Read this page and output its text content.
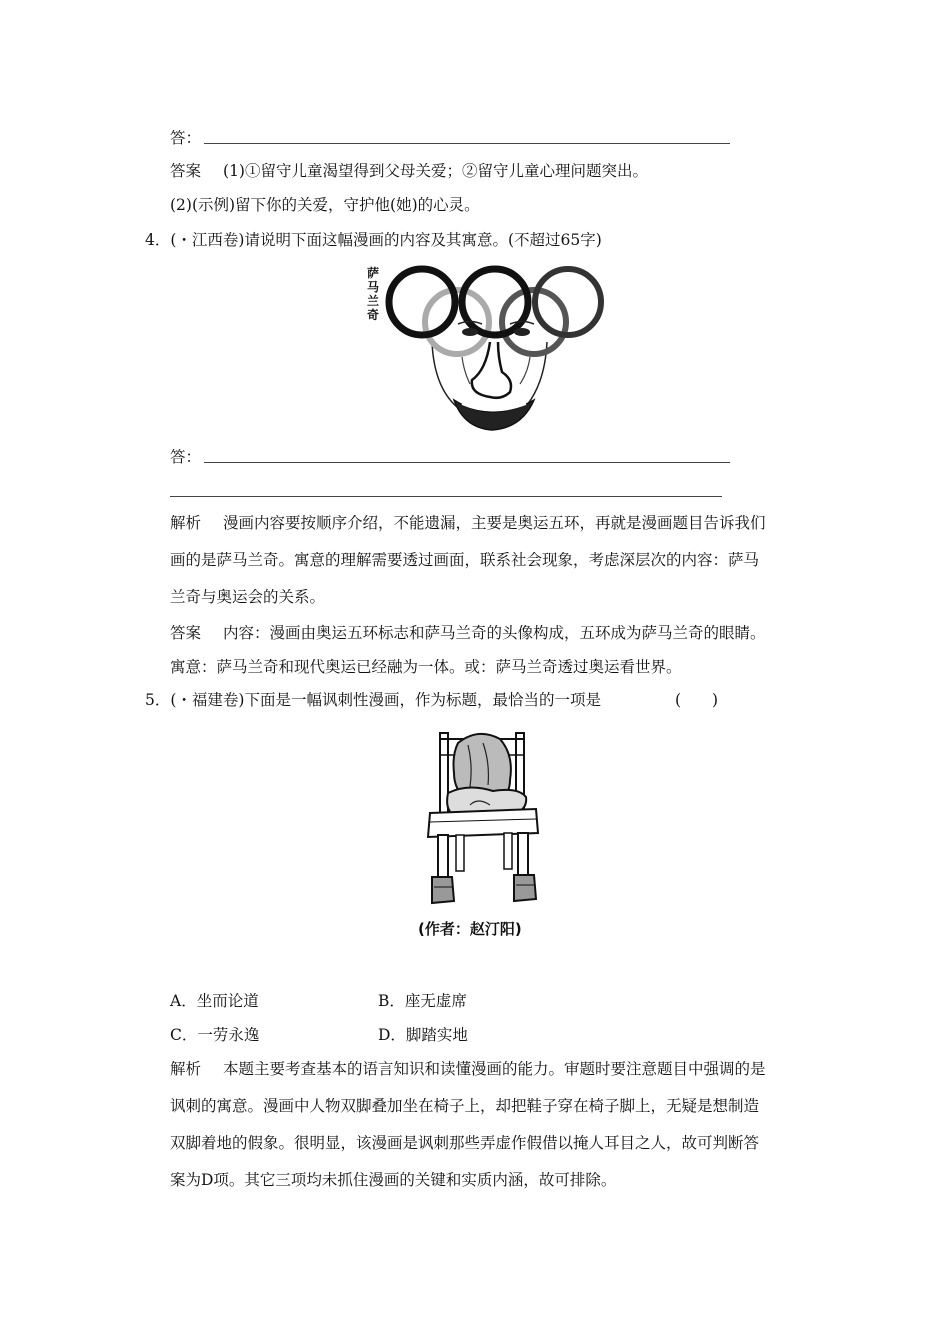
答：
答案 (1)①留守儿童渴望得到父母关爱；②留守儿童心理问题突出。
(2)(示例)留下你的关爱，守护他(她)的心灵。
4．(・江西卷)请说明下面这幅漫画的内容及其寓意。(不超过65字)
萨
马
兰
奇
答：
解析 漫画内容要按顺序介绍，不能遗漏，主要是奥运五环，再就是漫画题目告诉我们
画的是萨马兰奇。寓意的理解需要透过画面，联系社会现象，考虑深层次的内容：萨马
兰奇与奥运会的关系。
答案 内容：漫画由奥运五环标志和萨马兰奇的头像构成，五环成为萨马兰奇的眼睛。
寓意：萨马兰奇和现代奥运已经融为一体。或：萨马兰奇透过奥运看世界。
5．(・福建卷)下面是一幅讽刺性漫画，作为标题，最恰当的一项是	(　　)
(作者：赵汀阳)
A．坐而论道	B．座无虚席
C．一劳永逸	D．脚踏实地
解析 本题主要考查基本的语言知识和读懂漫画的能力。审题时要注意题目中强调的是
讽刺的寓意。漫画中人物双脚叠加坐在椅子上，却把鞋子穿在椅子脚上，无疑是想制造
双脚着地的假象。很明显，该漫画是讽刺那些弄虚作假借以掩人耳目之人，故可判断答
案为D项。其它三项均未抓住漫画的关键和实质内涵，故可排除。
